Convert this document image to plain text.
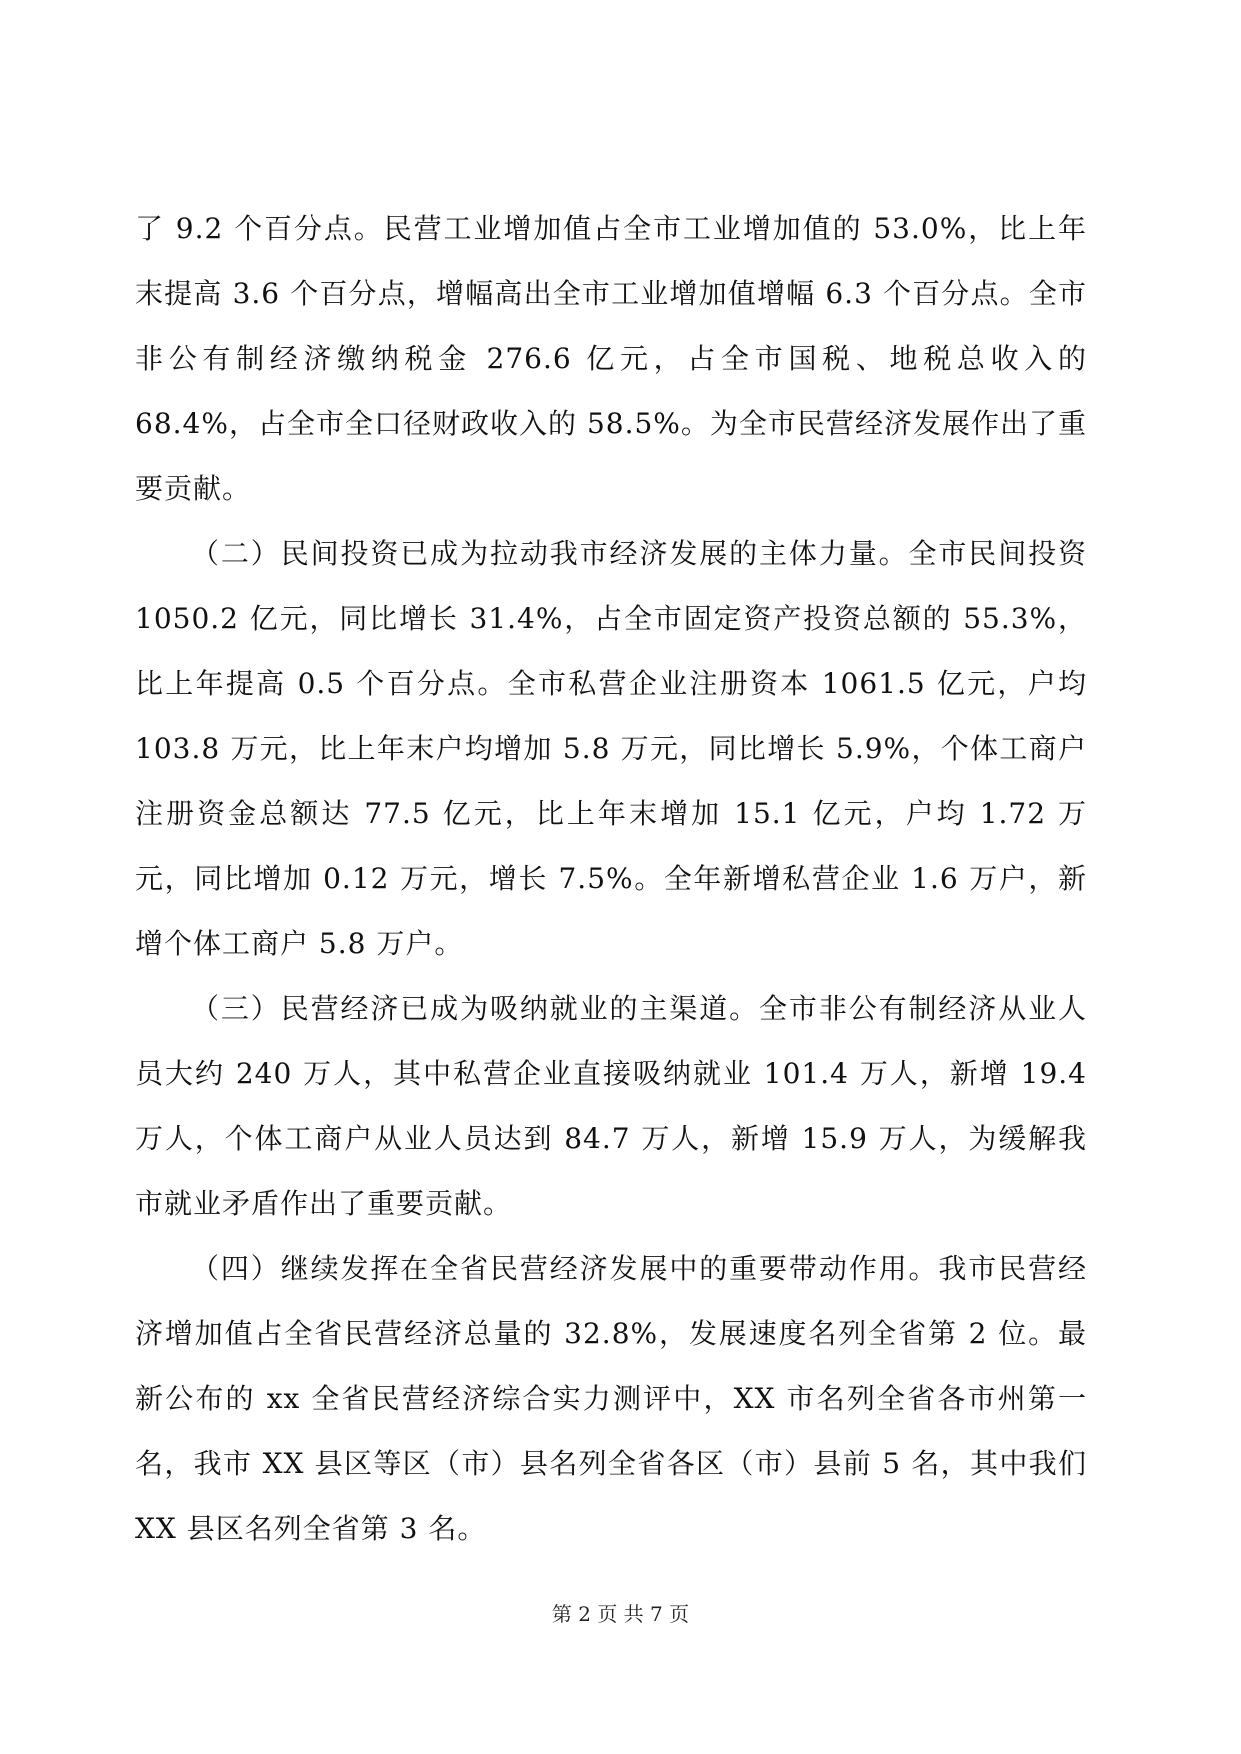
了 9.2 个百分点。民营工业增加值占全市工业增加值的 53.0%，比上年末提高 3.6 个百分点，增幅高出全市工业增加值增幅 6.3 个百分点。全市非公有制经济缴纳税金 276.6 亿元，占全市国税、地税总收入的 68.4%，占全市全口径财政收入的 58.5%。为全市民营经济发展作出了重要贡献。

（二）民间投资已成为拉动我市经济发展的主体力量。全市民间投资 1050.2 亿元，同比增长 31.4%，占全市固定资产投资总额的 55.3%，比上年提高 0.5 个百分点。全市私营企业注册资本 1061.5 亿元，户均 103.8 万元，比上年末户均增加 5.8 万元，同比增长 5.9%，个体工商户注册资金总额达 77.5 亿元，比上年末增加 15.1 亿元，户均 1.72 万元，同比增加 0.12 万元，增长 7.5%。全年新增私营企业 1.6 万户，新增个体工商户 5.8 万户。

（三）民营经济已成为吸纳就业的主渠道。全市非公有制经济从业人员大约 240 万人，其中私营企业直接吸纳就业 101.4 万人，新增 19.4 万人，个体工商户从业人员达到 84.7 万人，新增 15.9 万人，为缓解我市就业矛盾作出了重要贡献。

（四）继续发挥在全省民营经济发展中的重要带动作用。我市民营经济增加值占全省民营经济总量的 32.8%，发展速度名列全省第 2 位。最新公布的 xx 全省民营经济综合实力测评中，XX 市名列全省各市州第一名，我市 XX 县区等区（市）县名列全省各区（市）县前 5 名，其中我们 XX 县区名列全省第 3 名。

第 2 页 共 7 页
